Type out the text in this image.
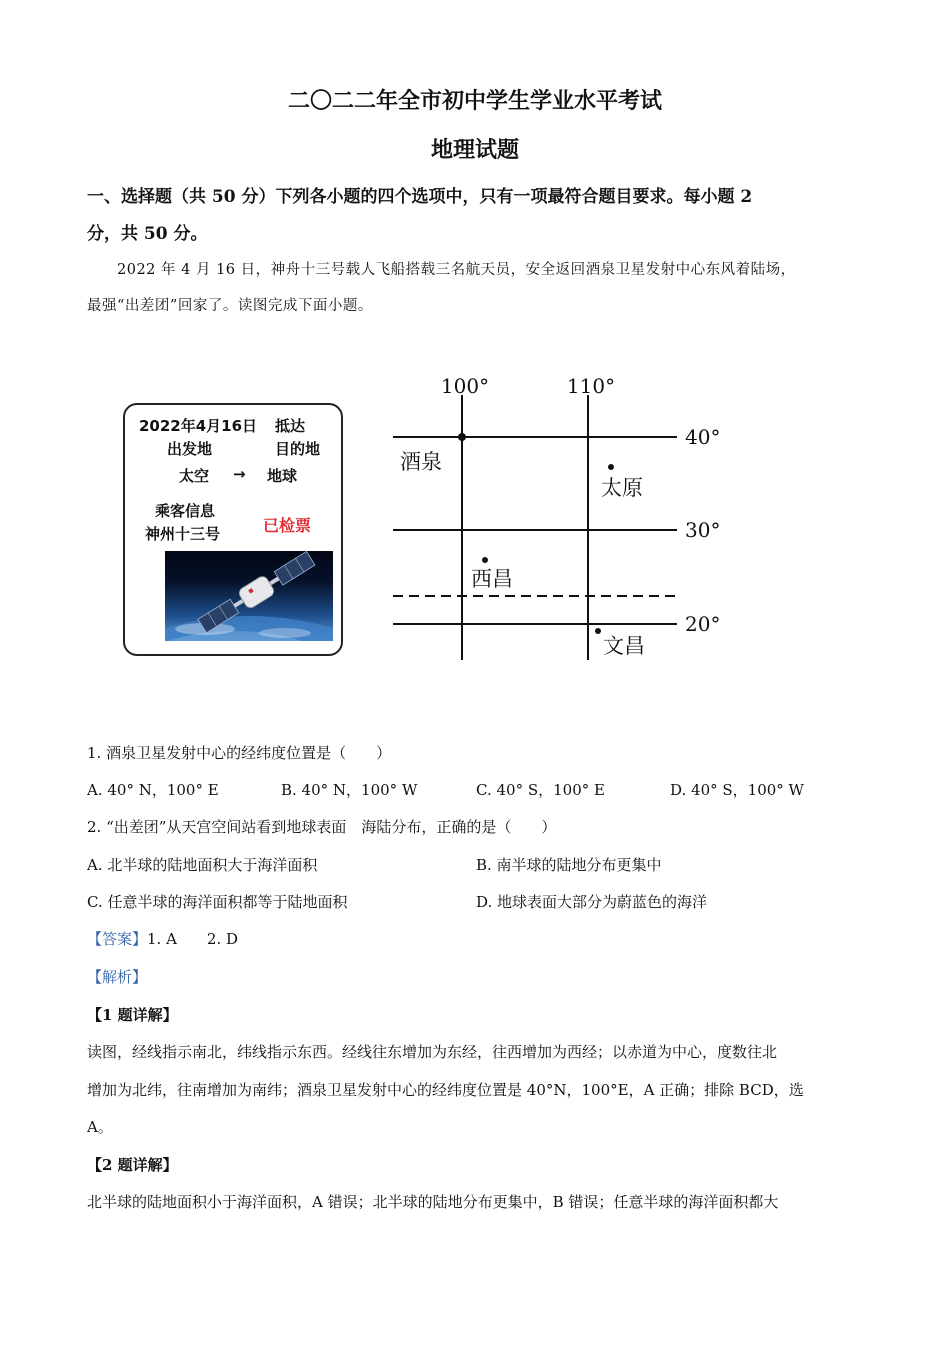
二〇二二年全市初中学生学业水平考试
地理试题
一、选择题（共 50 分）下列各小题的四个选项中，只有一项最符合题目要求。每小题 2
分，共 50 分。
2022 年 4 月 16 日，神舟十三号载人飞船搭载三名航天员，安全返回酒泉卫星发射中心东风着陆场，
最强“出差团”回家了。读图完成下面小题。
2022年4月16日 抵达
出发地	目的地
太空 → 地球
乘客信息
神州十三号	已检票
100°	110°
40°
30°
20°
酒泉
太原
西昌
文昌
1. 酒泉卫星发射中心的经纬度位置是（　　）
A. 40° N，100° E	B. 40° N，100° W	C. 40° S，100° E	D. 40° S，100° W
2. “出差团”从天宫空间站看到地球表面　海陆分布，正确的是（　　）
A. 北半球的陆地面积大于海洋面积	B. 南半球的陆地分布更集中
C. 任意半球的海洋面积都等于陆地面积	D. 地球表面大部分为蔚蓝色的海洋
【答案】1. A　　2. D
【解析】
【1 题详解】
读图，经线指示南北，纬线指示东西。经线往东增加为东经，往西增加为西经；以赤道为中心，度数往北
增加为北纬，往南增加为南纬；酒泉卫星发射中心的经纬度位置是 40°N，100°E，A 正确；排除 BCD，选
A。
【2 题详解】
北半球的陆地面积小于海洋面积，A 错误；北半球的陆地分布更集中，B 错误；任意半球的海洋面积都大
